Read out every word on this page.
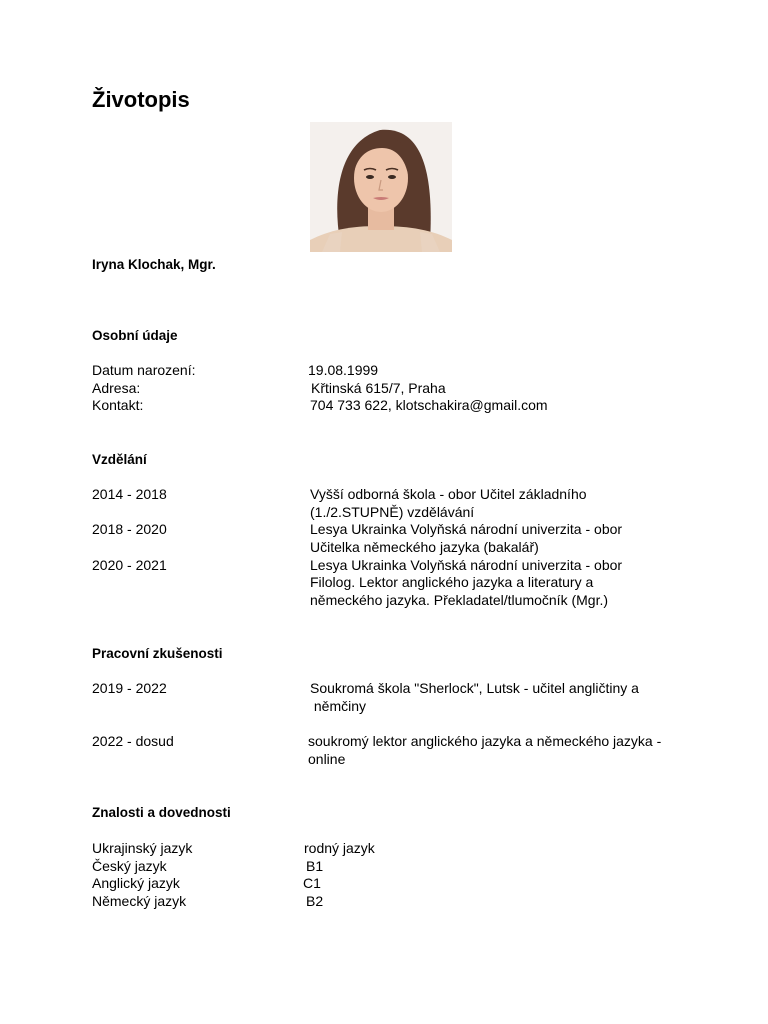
Životopis
Iryna Klochak, Mgr.
Osobní údaje
Datum narození:	19.08.1999
Adresa:	Křtinská 615/7, Praha
Kontakt:	704 733 622, klotschakira@gmail.com
Vzdělání
2014 - 2018	Vyšší odborná škola - obor Učitel základního
(1./2.STUPNĚ) vzdělávání
2018 - 2020	Lesya Ukrainka Volyňská národní univerzita - obor
Učitelka německého jazyka (bakalář)
2020 - 2021	Lesya Ukrainka Volyňská národní univerzita - obor
Filolog. Lektor anglického jazyka a literatury a
německého jazyka. Překladatel/tlumočník (Mgr.)
Pracovní zkušenosti
2019 - 2022	Soukromá škola "Sherlock", Lutsk - učitel angličtiny a
němčiny
2022 - dosud	soukromý lektor anglického jazyka a německého jazyka -
online
Znalosti a dovednosti
Ukrajinský jazyk	rodný jazyk
Český jazyk	B1
Anglický jazyk	C1
Německý jazyk	B2
